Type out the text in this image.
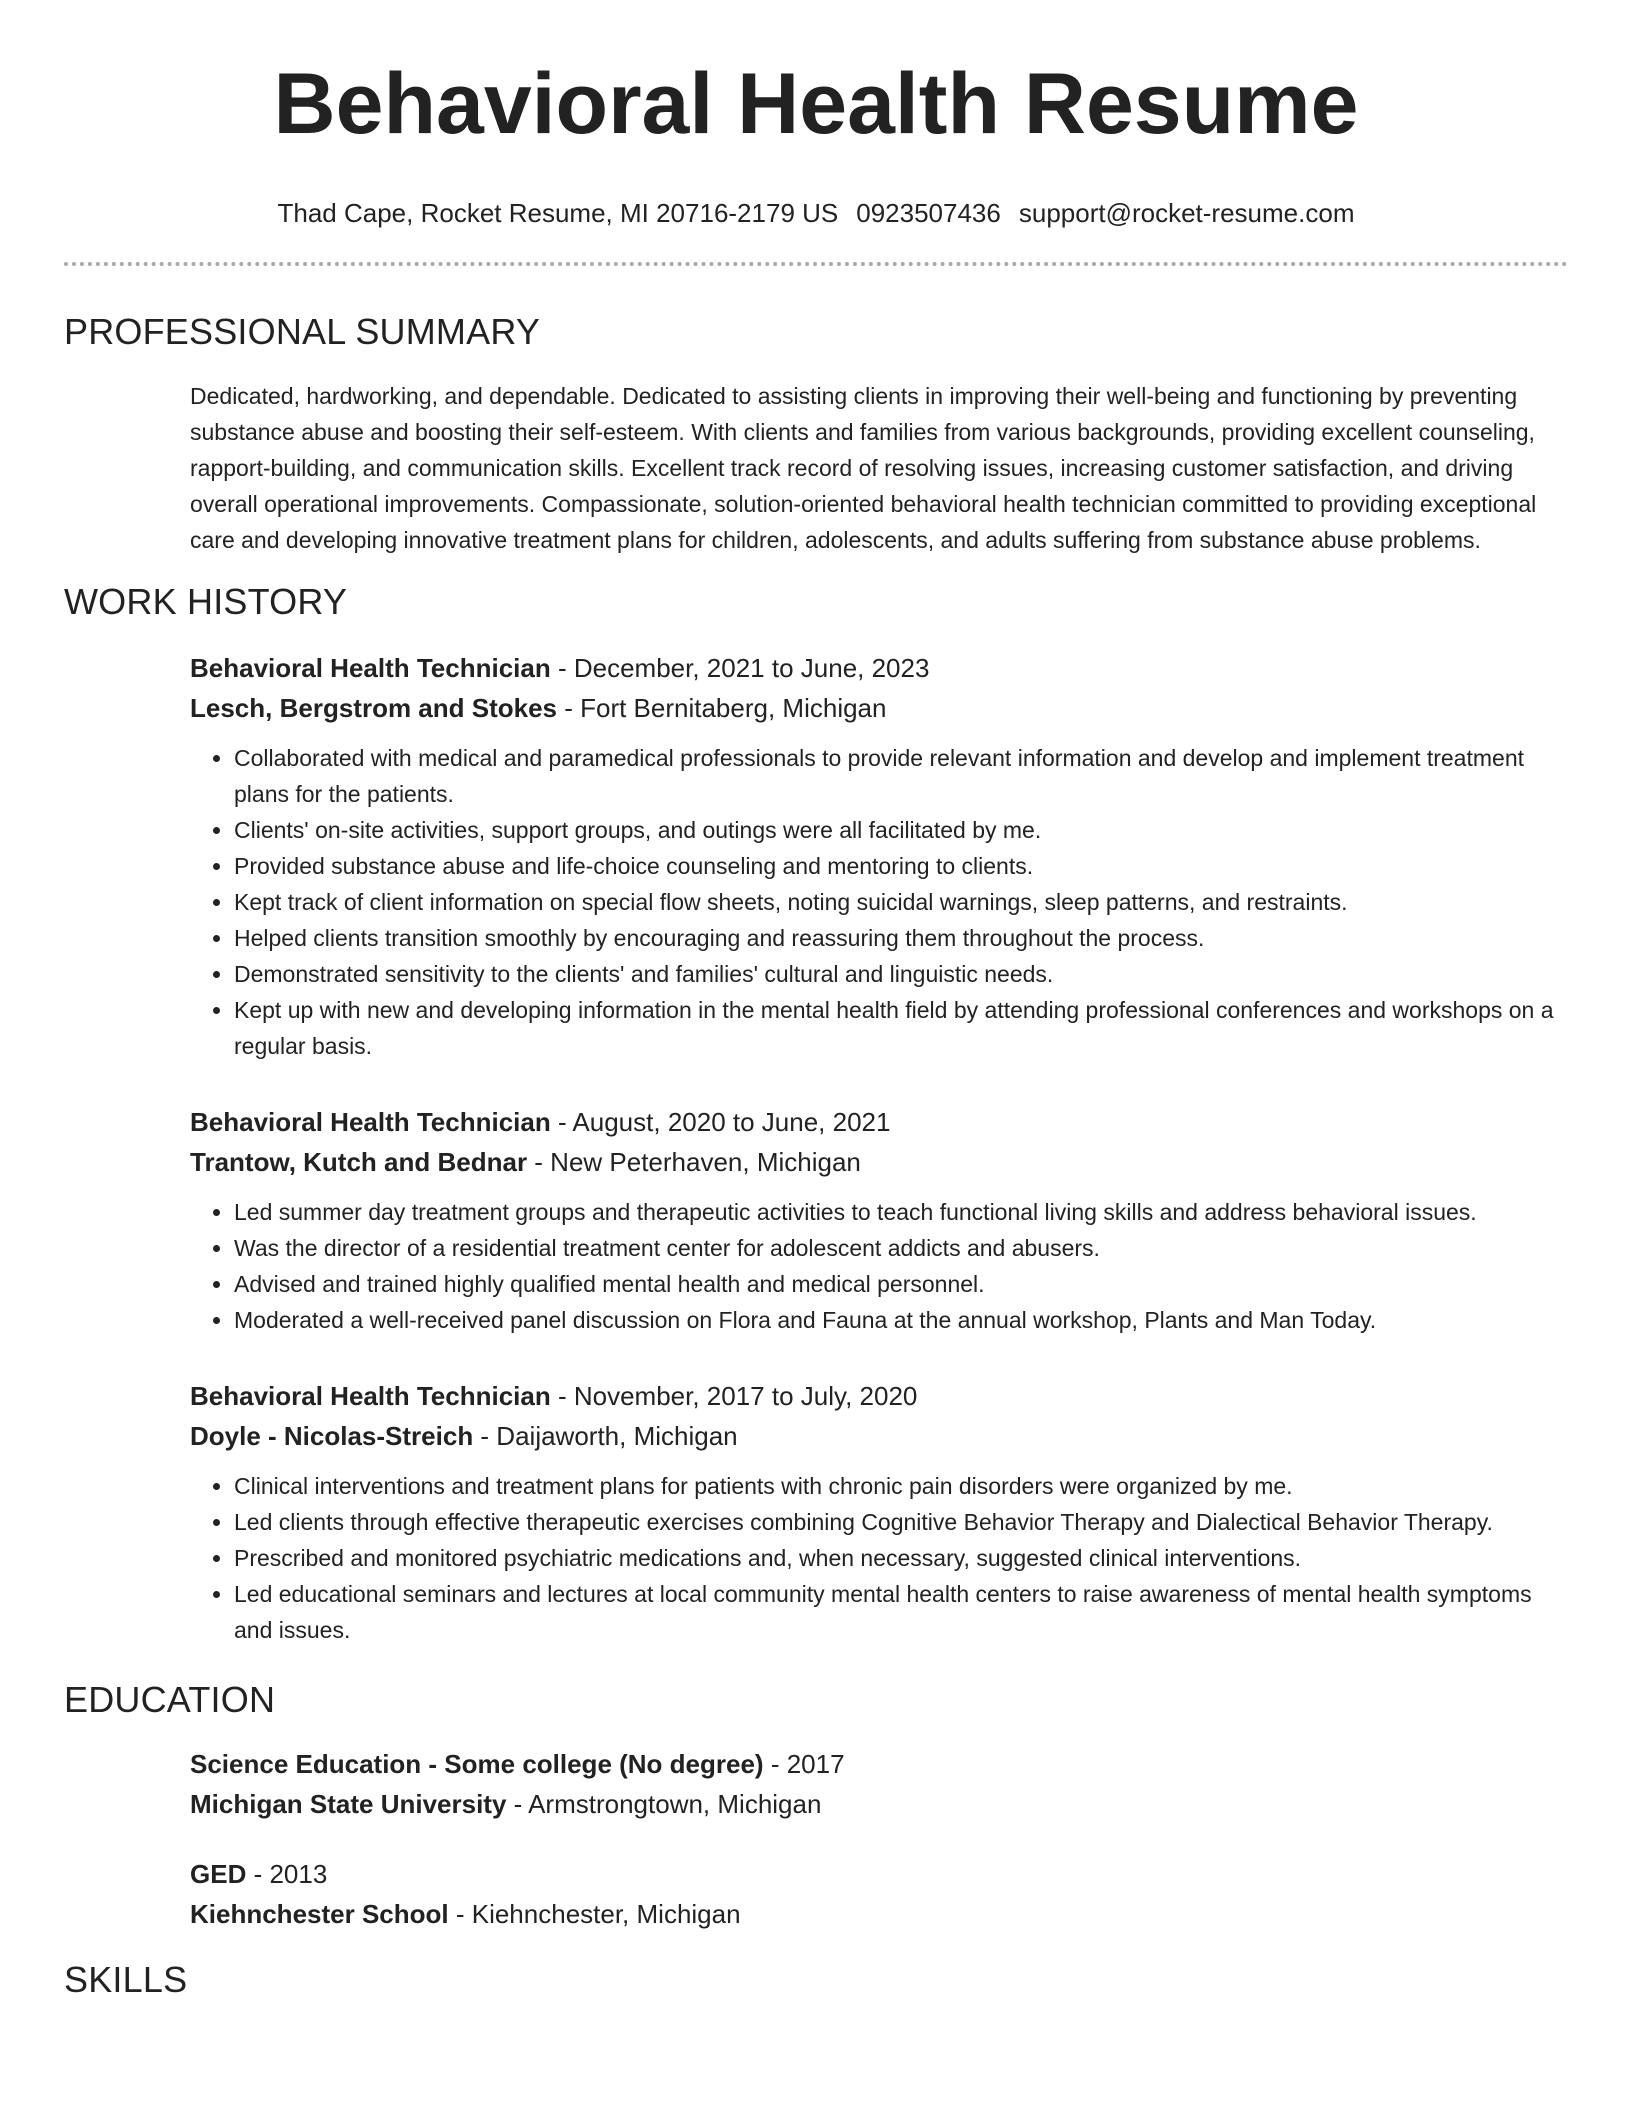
Behavioral Health Resume
Thad Cape, Rocket Resume, MI 20716-2179 US 0923507436 support@rocket-resume.com
PROFESSIONAL SUMMARY
Dedicated, hardworking, and dependable. Dedicated to assisting clients in improving their well-being and functioning by preventing substance abuse and boosting their self-esteem. With clients and families from various backgrounds, providing excellent counseling, rapport-building, and communication skills. Excellent track record of resolving issues, increasing customer satisfaction, and driving overall operational improvements. Compassionate, solution-oriented behavioral health technician committed to providing exceptional care and developing innovative treatment plans for children, adolescents, and adults suffering from substance abuse problems.
WORK HISTORY
Behavioral Health Technician - December, 2021 to June, 2023
Lesch, Bergstrom and Stokes - Fort Bernitaberg, Michigan
• Collaborated with medical and paramedical professionals to provide relevant information and develop and implement treatment plans for the patients.
• Clients' on-site activities, support groups, and outings were all facilitated by me.
• Provided substance abuse and life-choice counseling and mentoring to clients.
• Kept track of client information on special flow sheets, noting suicidal warnings, sleep patterns, and restraints.
• Helped clients transition smoothly by encouraging and reassuring them throughout the process.
• Demonstrated sensitivity to the clients' and families' cultural and linguistic needs.
• Kept up with new and developing information in the mental health field by attending professional conferences and workshops on a regular basis.
Behavioral Health Technician - August, 2020 to June, 2021
Trantow, Kutch and Bednar - New Peterhaven, Michigan
• Led summer day treatment groups and therapeutic activities to teach functional living skills and address behavioral issues.
• Was the director of a residential treatment center for adolescent addicts and abusers.
• Advised and trained highly qualified mental health and medical personnel.
• Moderated a well-received panel discussion on Flora and Fauna at the annual workshop, Plants and Man Today.
Behavioral Health Technician - November, 2017 to July, 2020
Doyle - Nicolas-Streich - Daijaworth, Michigan
• Clinical interventions and treatment plans for patients with chronic pain disorders were organized by me.
• Led clients through effective therapeutic exercises combining Cognitive Behavior Therapy and Dialectical Behavior Therapy.
• Prescribed and monitored psychiatric medications and, when necessary, suggested clinical interventions.
• Led educational seminars and lectures at local community mental health centers to raise awareness of mental health symptoms and issues.
EDUCATION
Science Education - Some college (No degree) - 2017
Michigan State University - Armstrongtown, Michigan
GED - 2013
Kiehnchester School - Kiehnchester, Michigan
SKILLS
